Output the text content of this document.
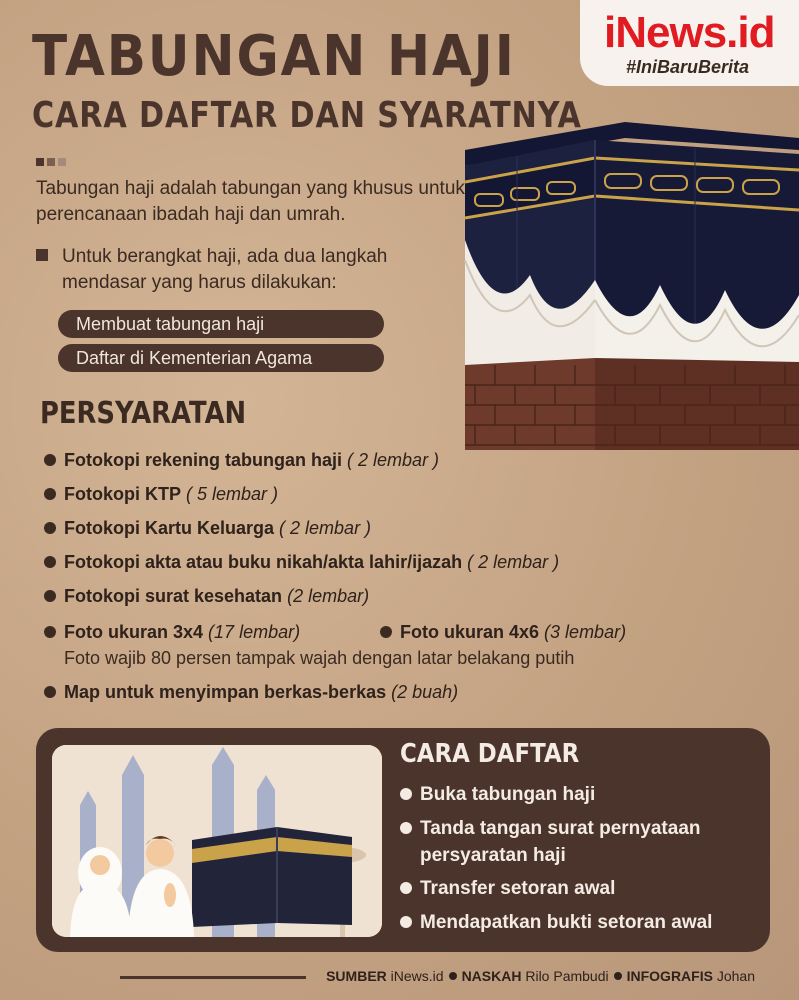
iNews.id
#IniBaruBerita
TABUNGAN HAJI
CARA DAFTAR DAN SYARATNYA
Tabungan haji adalah tabungan yang khusus untuk perencanaan ibadah haji dan umrah.
Untuk berangkat haji, ada dua langkah mendasar yang harus dilakukan:
Membuat tabungan haji
Daftar di Kementerian Agama
PERSYARATAN
Fotokopi rekening tabungan haji ( 2 lembar )
Fotokopi KTP ( 5 lembar )
Fotokopi Kartu Keluarga ( 2 lembar )
Fotokopi akta atau buku nikah/akta lahir/ijazah ( 2 lembar )
Fotokopi surat kesehatan (2 lembar)
Foto ukuran 3x4 (17 lembar)	Foto ukuran 4x6 (3 lembar)
Foto wajib 80 persen tampak wajah dengan latar belakang putih
Map untuk menyimpan berkas-berkas (2 buah)
CARA DAFTAR
Buka tabungan haji
Tanda tangan surat pernyataan
persyaratan haji
Transfer setoran awal
Mendapatkan bukti setoran awal
SUMBER iNews.id NASKAH Rilo Pambudi INFOGRAFIS Johan
